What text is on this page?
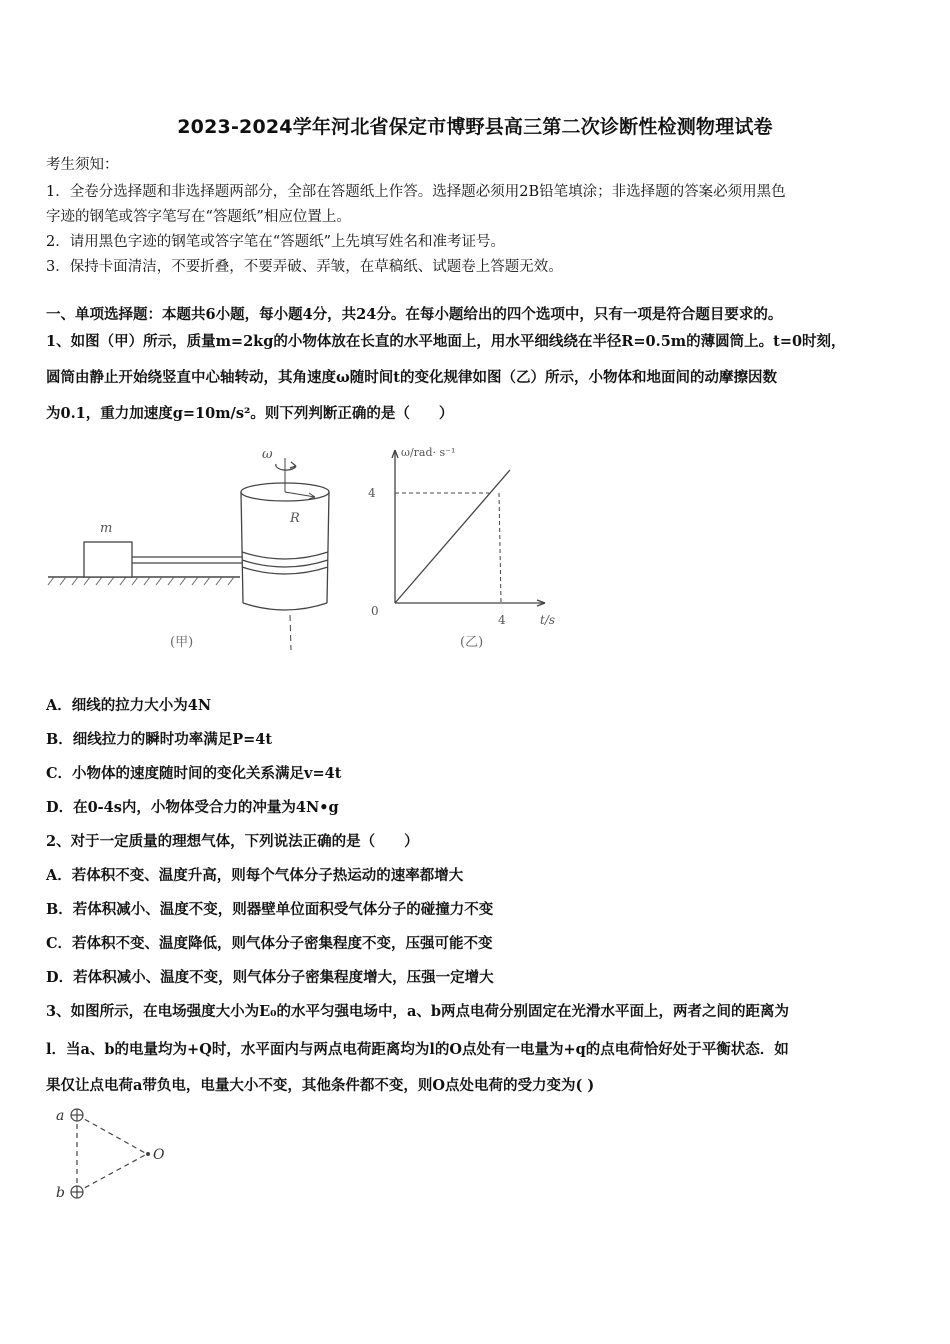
2023-2024学年河北省保定市博野县高三第二次诊断性检测物理试卷
考生须知：
1．全卷分选择题和非选择题两部分，全部在答题纸上作答。选择题必须用2B铅笔填涂；非选择题的答案必须用黑色
字迹的钢笔或答字笔写在“答题纸”相应位置上。
2．请用黑色字迹的钢笔或答字笔在“答题纸”上先填写姓名和准考证号。
3．保持卡面清洁，不要折叠，不要弄破、弄皱，在草稿纸、试题卷上答题无效。
一、单项选择题：本题共6小题，每小题4分，共24分。在每小题给出的四个选项中，只有一项是符合题目要求的。
1、如图（甲）所示，质量m=2kg的小物体放在长直的水平地面上，用水平细线绕在半径R=0.5m的薄圆筒上。t=0时刻，
圆筒由静止开始绕竖直中心轴转动，其角速度ω随时间t的变化规律如图（乙）所示，小物体和地面间的动摩擦因数
为0.1，重力加速度g=10m/s²。则下列判断正确的是（　　）
m
ω
R
(甲)
ω/rad· s⁻¹
t/s
0
4
4
(乙)
A．细线的拉力大小为4N
B．细线拉力的瞬时功率满足P=4t
C．小物体的速度随时间的变化关系满足v=4t
D．在0-4s内，小物体受合力的冲量为4N•g
2、对于一定质量的理想气体，下列说法正确的是（　　）
A．若体积不变、温度升高，则每个气体分子热运动的速率都增大
B．若体积减小、温度不变，则器壁单位面积受气体分子的碰撞力不变
C．若体积不变、温度降低，则气体分子密集程度不变，压强可能不变
D．若体积减小、温度不变，则气体分子密集程度增大，压强一定增大
3、如图所示，在电场强度大小为E₀的水平匀强电场中，a、b两点电荷分别固定在光滑水平面上，两者之间的距离为
l．当a、b的电量均为+Q时，水平面内与两点电荷距离均为l的O点处有一电量为+q的点电荷恰好处于平衡状态．如
果仅让点电荷a带负电，电量大小不变，其他条件都不变，则O点处电荷的受力变为( )
a
b
O
